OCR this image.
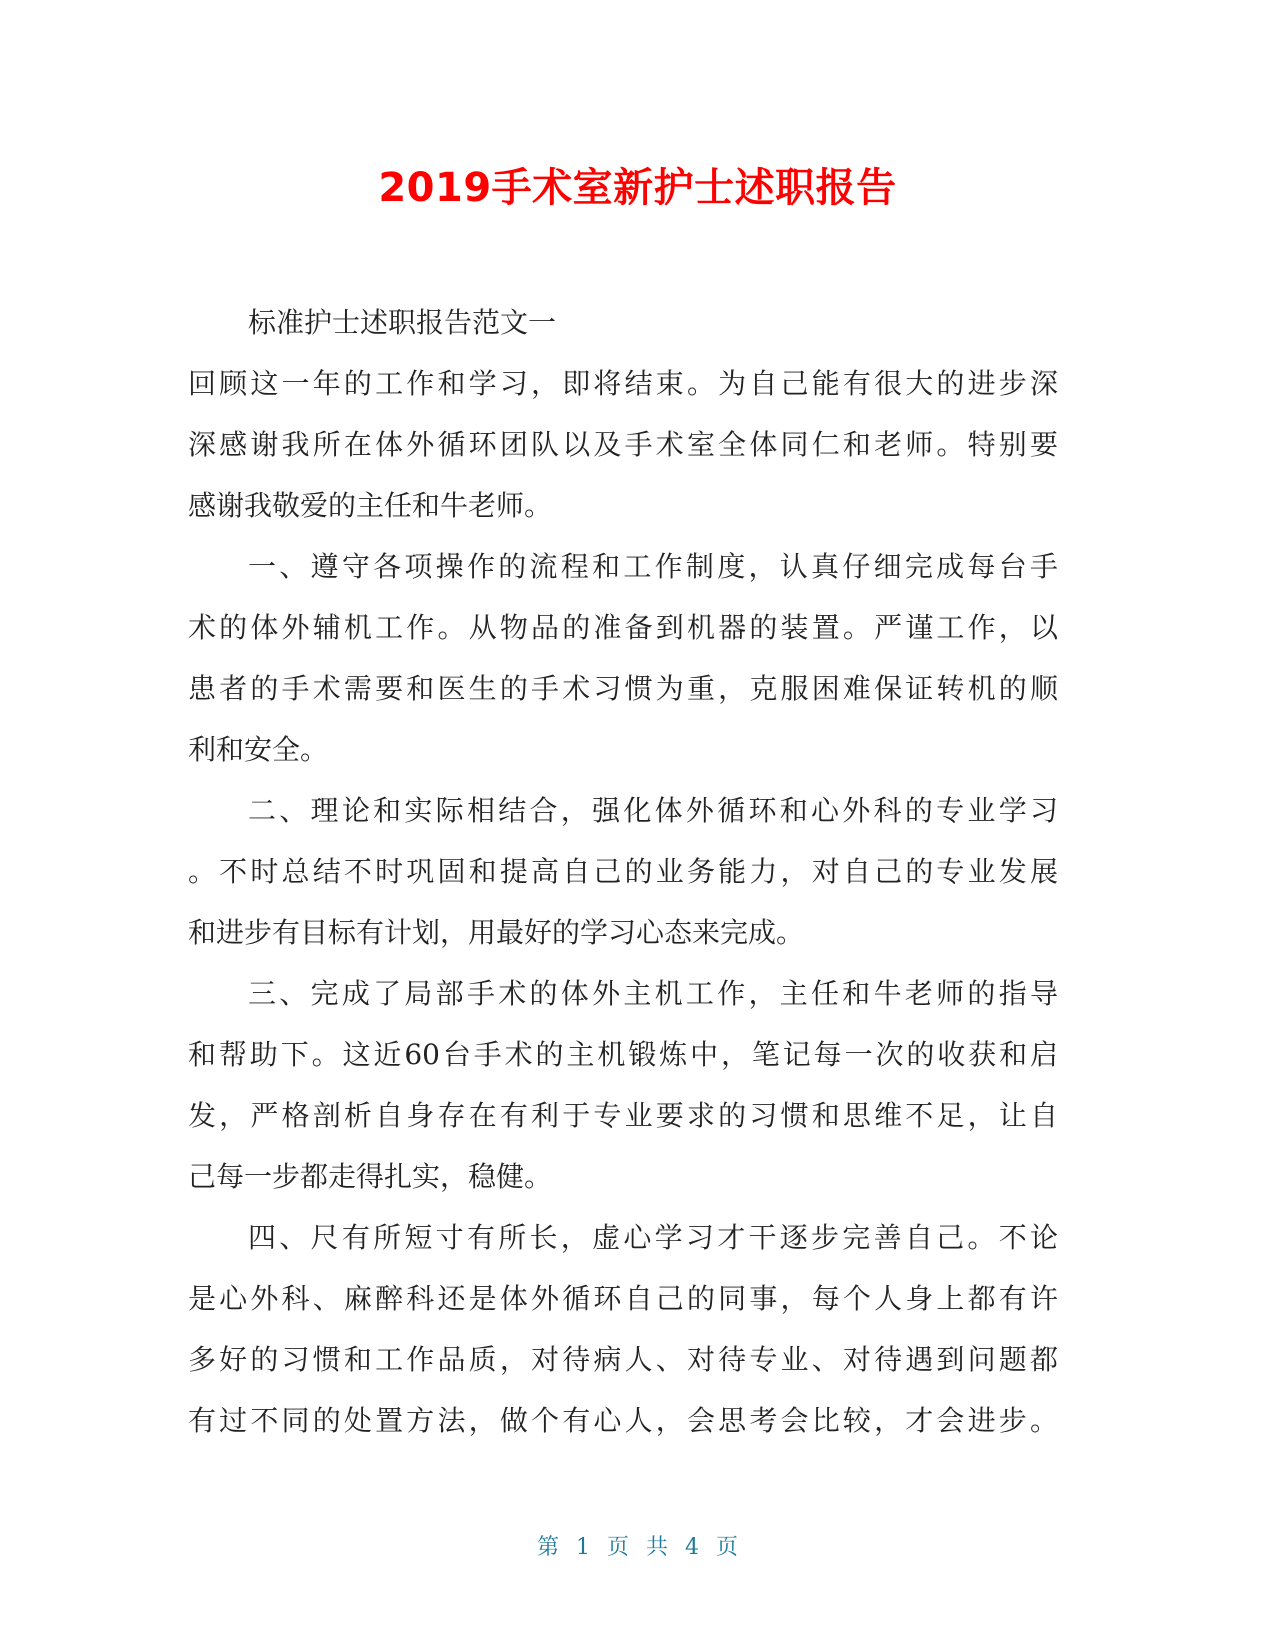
2019手术室新护士述职报告
标准护士述职报告范文一
回顾这一年的工作和学习，即将结束。为自己能有很大的进步深
深感谢我所在体外循环团队以及手术室全体同仁和老师。特别要
感谢我敬爱的主任和牛老师。
一、遵守各项操作的流程和工作制度，认真仔细完成每台手
术的体外辅机工作。从物品的准备到机器的装置。严谨工作，以
患者的手术需要和医生的手术习惯为重，克服困难保证转机的顺
利和安全。
二、理论和实际相结合，强化体外循环和心外科的专业学习
。不时总结不时巩固和提高自己的业务能力，对自己的专业发展
和进步有目标有计划，用最好的学习心态来完成。
三、完成了局部手术的体外主机工作，主任和牛老师的指导
和帮助下。这近60台手术的主机锻炼中，笔记每一次的收获和启
发，严格剖析自身存在有利于专业要求的习惯和思维不足，让自
己每一步都走得扎实，稳健。
四、尺有所短寸有所长，虚心学习才干逐步完善自己。不论
是心外科、麻醉科还是体外循环自己的同事，每个人身上都有许
多好的习惯和工作品质，对待病人、对待专业、对待遇到问题都
有过不同的处置方法，做个有心人，会思考会比较，才会进步。
第 1 页 共 4 页
